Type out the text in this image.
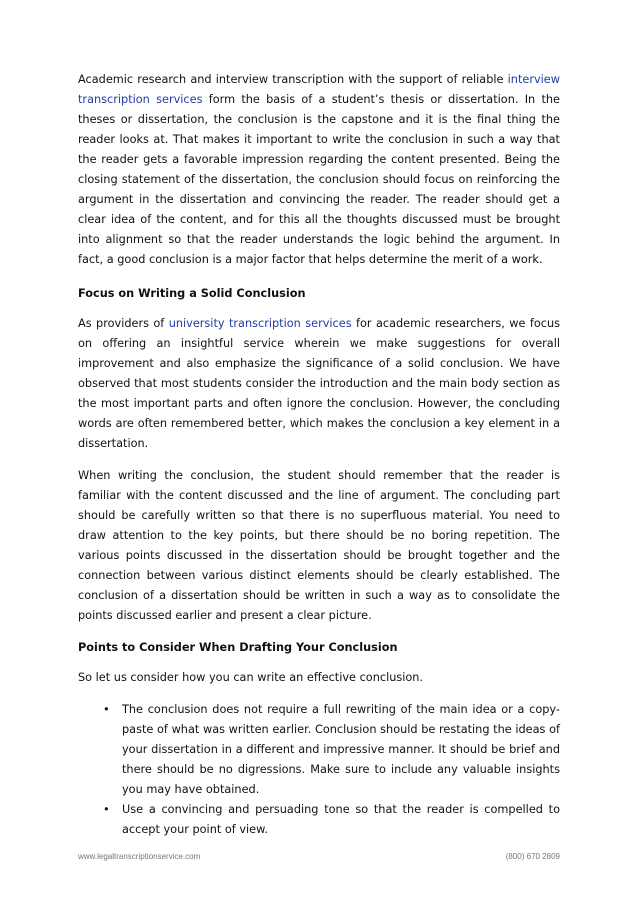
Academic research and interview transcription with the support of reliable interview transcription services form the basis of a student’s thesis or dissertation. In the theses or dissertation, the conclusion is the capstone and it is the final thing the reader looks at. That makes it important to write the conclusion in such a way that the reader gets a favorable impression regarding the content presented. Being the closing statement of the dissertation, the conclusion should focus on reinforcing the argument in the dissertation and convincing the reader. The reader should get a clear idea of the content, and for this all the thoughts discussed must be brought into alignment so that the reader understands the logic behind the argument. In fact, a good conclusion is a major factor that helps determine the merit of a work.

Focus on Writing a Solid Conclusion

As providers of university transcription services for academic researchers, we focus on offering an insightful service wherein we make suggestions for overall improvement and also emphasize the significance of a solid conclusion. We have observed that most students consider the introduction and the main body section as the most important parts and often ignore the conclusion. However, the concluding words are often remembered better, which makes the conclusion a key element in a dissertation.

When writing the conclusion, the student should remember that the reader is familiar with the content discussed and the line of argument. The concluding part should be carefully written so that there is no superfluous material. You need to draw attention to the key points, but there should be no boring repetition. The various points discussed in the dissertation should be brought together and the connection between various distinct elements should be clearly established. The conclusion of a dissertation should be written in such a way as to consolidate the points discussed earlier and present a clear picture.

Points to Consider When Drafting Your Conclusion

So let us consider how you can write an effective conclusion.

• The conclusion does not require a full rewriting of the main idea or a copy-paste of what was written earlier. Conclusion should be restating the ideas of your dissertation in a different and impressive manner. It should be brief and there should be no digressions. Make sure to include any valuable insights you may have obtained.
• Use a convincing and persuading tone so that the reader is compelled to accept your point of view.
www.legaltranscriptionservice.com	(800) 670 2809
